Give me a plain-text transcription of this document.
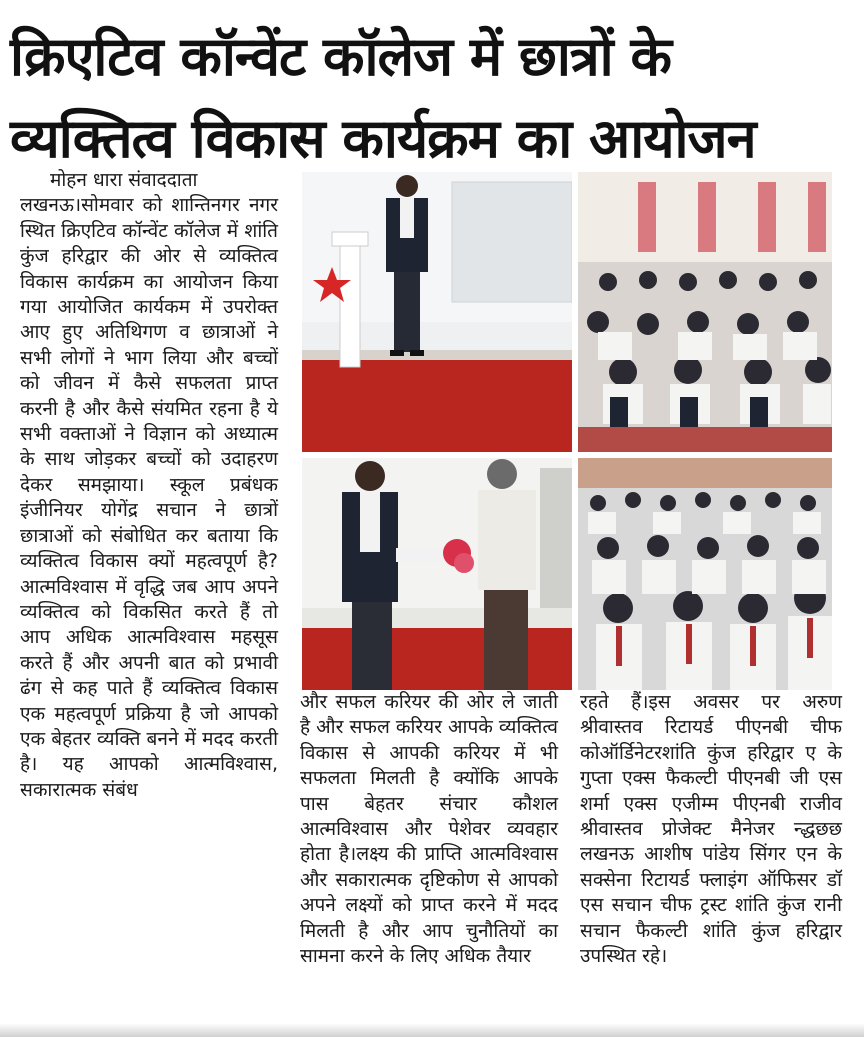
क्रिएटिव कॉन्वेंट कॉलेज में छात्रों के
व्यक्तित्व विकास कार्यक्रम का आयोजन
मोहन धारा संवाददाता
लखनऊ।सोमवार को शान्तिनगर नगर स्थित क्रिएटिव कॉन्वेंट कॉलेज में शांति कुंज हरिद्वार की ओर से व्यक्तित्व विकास कार्यक्रम का आयोजन किया गया आयोजित कार्यकम में उपरोक्त आए हुए अतिथिगण व छात्राओं ने सभी लोगों ने भाग लिया और बच्चों को जीवन में कैसे सफलता प्राप्त करनी है और कैसे संयमित रहना है ये सभी वक्ताओं ने विज्ञान को अध्यात्म के साथ जोड़कर बच्चों को उदाहरण देकर समझाया। स्कूल प्रबंधक इंजीनियर योगेंद्र सचान ने छात्रों छात्राओं को संबोधित कर बताया कि व्यक्तित्व विकास क्यों महत्वपूर्ण है?आत्मविश्वास में वृद्धि जब आप अपने व्यक्तित्व को विकसित करते हैं तो आप अधिक आत्मविश्वास महसूस करते हैं और अपनी बात को प्रभावी ढंग से कह पाते हैं व्यक्तित्व विकास एक महत्वपूर्ण प्रक्रिया है जो आपको एक बेहतर व्यक्ति बनने में मदद करती है। यह आपको आत्मविश्वास, सकारात्मक संबंध
और सफल करियर की ओर ले जाती है और सफल करियर आपके व्यक्तित्व विकास से आपकी करियर में भी सफलता मिलती है क्योंकि आपके पास बेहतर संचार कौशल आत्मविश्वास और पेशेवर व्यवहार होता है।लक्ष्य की प्राप्ति आत्मविश्वास और सकारात्मक दृष्टिकोण से आपको अपने लक्ष्यों को प्राप्त करने में मदद मिलती है और आप चुनौतियों का सामना करने के लिए अधिक तैयार
रहते हैं।इस अवसर पर अरुण श्रीवास्तव रिटायर्ड पीएनबी चीफ कोऑर्डिनेटरशांति कुंज हरिद्वार ए के गुप्ता एक्स फैकल्टी पीएनबी जी एस शर्मा एक्स एजीम्म पीएनबी राजीव श्रीवास्तव प्रोजेक्ट मैनेजर न्द्धछछ लखनऊ आशीष पांडेय सिंगर एन के सक्सेना रिटायर्ड फ्लाइंग ऑफिसर डॉ एस सचान चीफ ट्रस्ट शांति कुंज रानी सचान फैकल्टी शांति कुंज हरिद्वार उपस्थित रहे।
